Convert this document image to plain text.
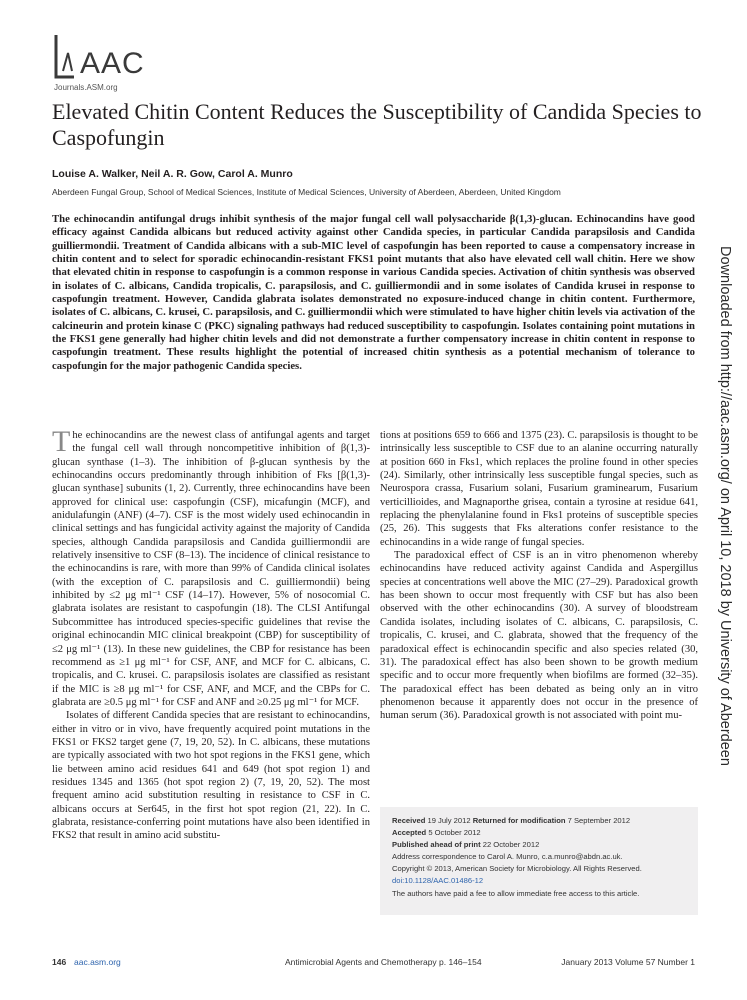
AAC
Journals.ASM.org
Elevated Chitin Content Reduces the Susceptibility of Candida Species to Caspofungin
Louise A. Walker, Neil A. R. Gow, Carol A. Munro
Aberdeen Fungal Group, School of Medical Sciences, Institute of Medical Sciences, University of Aberdeen, Aberdeen, United Kingdom

The echinocandin antifungal drugs inhibit synthesis of the major fungal cell wall polysaccharide β(1,3)-glucan. Echinocandins have good efficacy against Candida albicans but reduced activity against other Candida species, in particular Candida parapsilosis and Candida guilliermondii. Treatment of Candida albicans with a sub-MIC level of caspofungin has been reported to cause a compensatory increase in chitin content and to select for sporadic echinocandin-resistant FKS1 point mutants that also have elevated cell wall chitin. Here we show that elevated chitin in response to caspofungin is a common response in various Candida species. Activation of chitin synthesis was observed in isolates of C. albicans, Candida tropicalis, C. parapsilosis, and C. guilliermondii and in some isolates of Candida krusei in response to caspofungin treatment. However, Candida glabrata isolates demonstrated no exposure-induced change in chitin content. Furthermore, isolates of C. albicans, C. krusei, C. parapsilosis, and C. guilliermondii which were stimulated to have higher chitin levels via activation of the calcineurin and protein kinase C (PKC) signaling pathways had reduced susceptibility to caspofungin. Isolates containing point mutations in the FKS1 gene generally had higher chitin levels and did not demonstrate a further compensatory increase in chitin content in response to caspofungin treatment. These results highlight the potential of increased chitin synthesis as a potential mechanism of tolerance to caspofungin for the major pathogenic Candida species.

The echinocandins are the newest class of antifungal agents and target the fungal cell wall through noncompetitive inhibition of β(1,3)-glucan synthase (1–3). The inhibition of β-glucan synthesis by the echinocandins occurs predominantly through inhibition of Fks [β(1,3)-glucan synthase] subunits (1, 2). Currently, three echinocandins have been approved for clinical use: caspofungin (CSF), micafungin (MCF), and anidulafungin (ANF) (4–7). CSF is the most widely used echinocandin in clinical settings and has fungicidal activity against the majority of Candida species, although Candida parapsilosis and Candida guilliermondii are relatively insensitive to CSF (8–13). The incidence of clinical resistance to the echinocandins is rare, with more than 99% of Candida clinical isolates (with the exception of C. parapsilosis and C. guilliermondii) being inhibited by ≤2 μg ml⁻¹ CSF (14–17). However, 5% of nosocomial C. glabrata isolates are resistant to caspofungin (18). The CLSI Antifungal Subcommittee has introduced species-specific guidelines that revise the original echinocandin MIC clinical breakpoint (CBP) for susceptibility of ≤2 μg ml⁻¹ (13). In these new guidelines, the CBP for resistance has been recommend as ≥1 μg ml⁻¹ for CSF, ANF, and MCF for C. albicans, C. tropicalis, and C. krusei. C. parapsilosis isolates are classified as resistant if the MIC is ≥8 μg ml⁻¹ for CSF, ANF, and MCF, and the CBPs for C. glabrata are ≥0.5 μg ml⁻¹ for CSF and ANF and ≥0.25 μg ml⁻¹ for MCF.

Isolates of different Candida species that are resistant to echinocandins, either in vitro or in vivo, have frequently acquired point mutations in the FKS1 or FKS2 target gene (7, 19, 20, 52). In C. albicans, these mutations are typically associated with two hot spot regions in the FKS1 gene, which lie between amino acid residues 641 and 649 (hot spot region 1) and residues 1345 and 1365 (hot spot region 2) (7, 19, 20, 52). The most frequent amino acid substitution resulting in resistance to CSF in C. albicans occurs at Ser645, in the first hot spot region (21, 22). In C. glabrata, resistance-conferring point mutations have also been identified in FKS2 that result in amino acid substitu-

tions at positions 659 to 666 and 1375 (23). C. parapsilosis is thought to be intrinsically less susceptible to CSF due to an alanine occurring naturally at position 660 in Fks1, which replaces the proline found in other species (24). Similarly, other intrinsically less susceptible fungal species, such as Neurospora crassa, Fusarium solani, Fusarium graminearum, Fusarium verticillioides, and Magnaporthe grisea, contain a tyrosine at residue 641, replacing the phenylalanine found in Fks1 proteins of susceptible species (25, 26). This suggests that Fks alterations confer resistance to the echinocandins in a wide range of fungal species.

The paradoxical effect of CSF is an in vitro phenomenon whereby echinocandins have reduced activity against Candida and Aspergillus species at concentrations well above the MIC (27–29). Paradoxical growth has been shown to occur most frequently with CSF but has also been observed with the other echinocandins (30). A survey of bloodstream Candida isolates, including isolates of C. albicans, C. parapsilosis, C. tropicalis, C. krusei, and C. glabrata, showed that the frequency of the paradoxical effect is echinocandin specific and also species related (30, 31). The paradoxical effect has also been shown to be growth medium specific and to occur more frequently when biofilms are formed (32–35). The paradoxical effect has been debated as being only an in vitro phenomenon because it apparently does not occur in the presence of human serum (36). Paradoxical growth is not associated with point mu-

Received 19 July 2012 Returned for modification 7 September 2012
Accepted 5 October 2012
Published ahead of print 22 October 2012
Address correspondence to Carol A. Munro, c.a.munro@abdn.ac.uk.
Copyright © 2013, American Society for Microbiology. All Rights Reserved.
doi:10.1128/AAC.01486-12
The authors have paid a fee to allow immediate free access to this article.
Downloaded from http://aac.asm.org/ on April 10, 2018 by University of Aberdeen
146 aac.asm.org	Antimicrobial Agents and Chemotherapy p. 146–154	January 2013 Volume 57 Number 1
